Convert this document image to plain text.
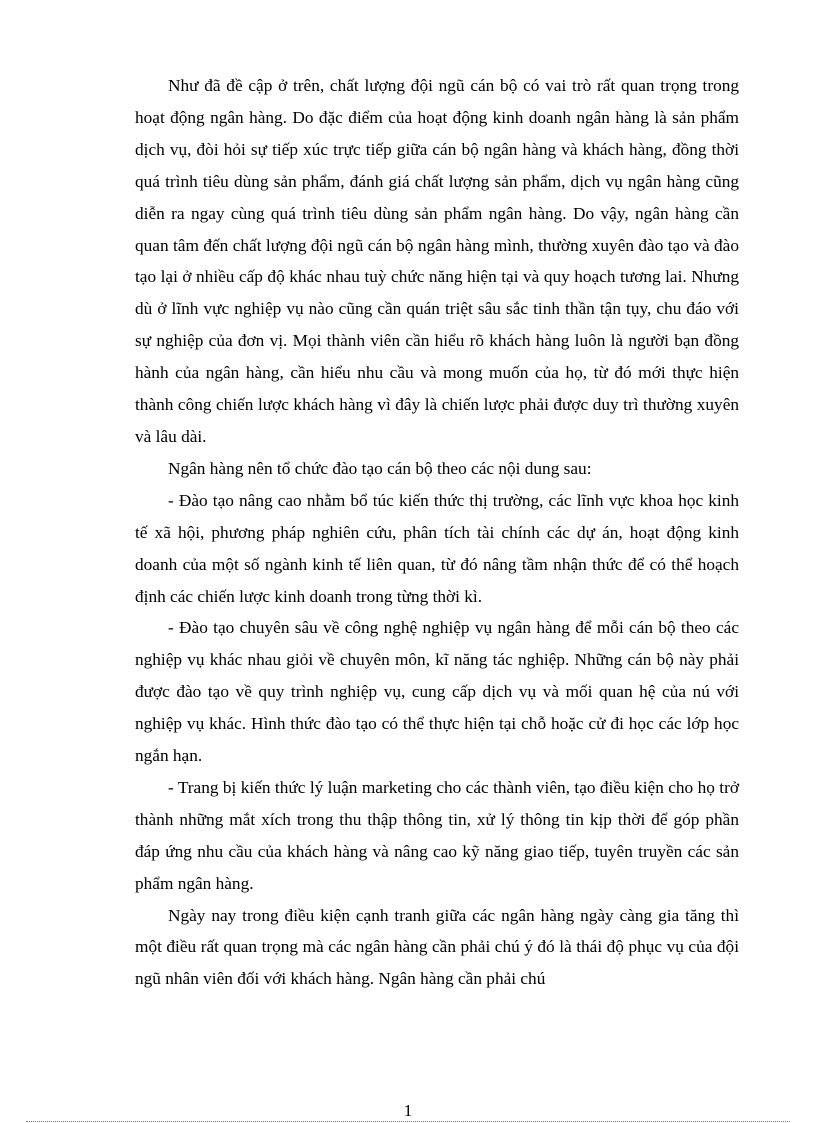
Như đã đề cập ở trên, chất lượng đội ngũ cán bộ có vai trò rất quan trọng trong hoạt động ngân hàng. Do đặc điểm của hoạt động kinh doanh ngân hàng là sản phẩm dịch vụ, đòi hỏi sự tiếp xúc trực tiếp giữa cán bộ ngân hàng và khách hàng, đồng thời quá trình tiêu dùng sản phẩm, đánh giá chất lượng sản phẩm, dịch vụ ngân hàng cũng diễn ra ngay cùng quá trình tiêu dùng sản phẩm ngân hàng. Do vậy, ngân hàng cần quan tâm đến chất lượng đội ngũ cán bộ ngân hàng mình, thường xuyên đào tạo và đào tạo lại ở nhiều cấp độ khác nhau tuỳ chức năng hiện tại và quy hoạch tương lai. Nhưng dù ở lĩnh vực nghiệp vụ nào cũng cần quán triệt sâu sắc tinh thần tận tụy, chu đáo với sự nghiệp của đơn vị. Mọi thành viên cần hiểu rõ khách hàng luôn là người bạn đồng hành của ngân hàng, cần hiểu nhu cầu và mong muốn của họ, từ đó mới thực hiện thành công chiến lược khách hàng vì đây là chiến lược phải được duy trì thường xuyên và lâu dài.

Ngân hàng nên tổ chức đào tạo cán bộ theo các nội dung sau:

- Đào tạo nâng cao nhằm bổ túc kiến thức thị trường, các lĩnh vực khoa học kinh tế xã hội, phương pháp nghiên cứu, phân tích tài chính các dự án, hoạt động kinh doanh của một số ngành kinh tế liên quan, từ đó nâng tầm nhận thức để có thể hoạch định các chiến lược kinh doanh trong từng thời kì.

- Đào tạo chuyên sâu về công nghệ nghiệp vụ ngân hàng để mỗi cán bộ theo các nghiệp vụ khác nhau giỏi về chuyên môn, kĩ năng tác nghiệp. Những cán bộ này phải được đào tạo về quy trình nghiệp vụ, cung cấp dịch vụ và mối quan hệ của nú với nghiệp vụ khác. Hình thức đào tạo có thể thực hiện tại chỗ hoặc cử đi học các lớp học ngắn hạn.

- Trang bị kiến thức lý luận marketing cho các thành viên, tạo điều kiện cho họ trở thành những mắt xích trong thu thập thông tin, xử lý thông tin kịp thời để góp phần đáp ứng nhu cầu của khách hàng và nâng cao kỹ năng giao tiếp, tuyên truyền các sản phẩm ngân hàng.

Ngày nay trong điều kiện cạnh tranh giữa các ngân hàng ngày càng gia tăng thì một điều rất quan trọng mà các ngân hàng cần phải chú ý đó là thái độ phục vụ của đội ngũ nhân viên đối với khách hàng. Ngân hàng cần phải chú

1
